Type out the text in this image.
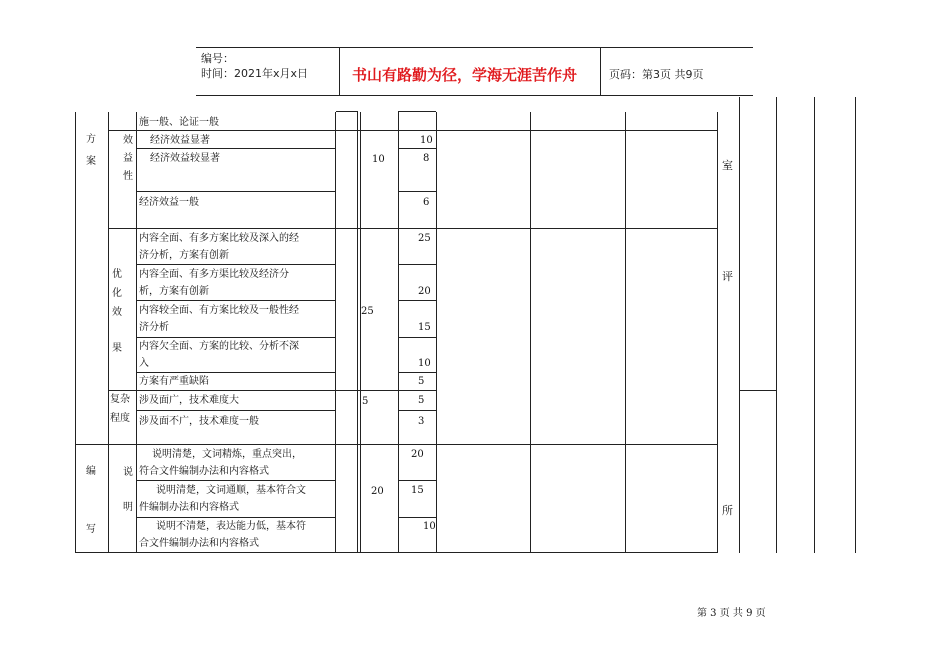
编号：
时间：2021年x月x日	书山有路勤为径，学海无涯苦作舟	页码：第3页 共9页
方
案
编
写
效
益
性
优
化
效
果
复杂
程度
说
明
施一般、论证一般
经济效益显著
经济效益较显著
经济效益一般
内容全面、有多方案比较及深入的经
济分析，方案有创新
内容全面、有多方渠比较及经济分
析，方案有创新
内容较全面、有方案比较及一般性经
济分析
内容欠全面、方案的比较、分析不深
入
方案有严重缺陷
涉及面广，技术难度大
涉及面不广，技术难度一般
说明清楚，文词精炼，重点突出，
符合文件编制办法和内容格式
说明清楚，文词通顺，基本符合文
件编制办法和内容格式
说明不清楚，表达能力低，基本符
合文件编制办法和内容格式
10
25
5
20
10
8
6
25
20
15
10
5
5
3
20
15
10
室
评
所
第 3 页 共 9 页
